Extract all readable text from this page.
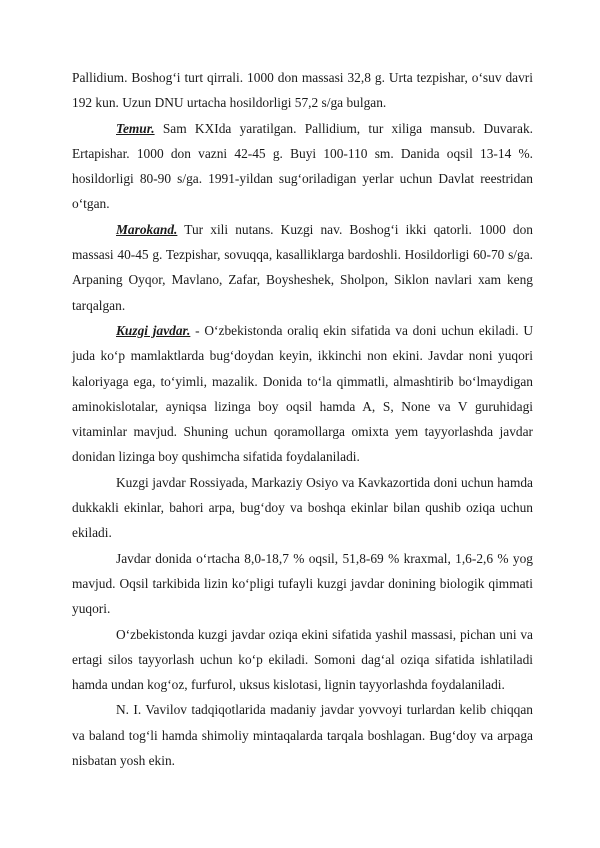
Pallidium. Boshog‘i turt qirrali. 1000 don massasi 32,8 g. Urta tezpishar, o‘suv davri 192 kun. Uzun DNU urtacha hosildorligi 57,2 s/ga bulgan.

Temur. Sam KXIda yaratilgan. Pallidium, tur xiliga mansub. Duvarak. Ertapishar. 1000 don vazni 42-45 g. Buyi 100-110 sm. Danida oqsil 13-14 %. hosildorligi 80-90 s/ga. 1991-yildan sug‘oriladigan yerlar uchun Davlat reestridan o‘tgan.

Marokand. Tur xili nutans. Kuzgi nav. Boshog‘i ikki qatorli. 1000 don massasi 40-45 g. Tezpishar, sovuqqa, kasalliklarga bardoshli. Hosildorligi 60-70 s/ga. Arpaning Oyqor, Mavlano, Zafar, Boysheshek, Sholpon, Siklon navlari xam keng tarqalgan.

Kuzgi javdar. - O‘zbekistonda oraliq ekin sifatida va doni uchun ekiladi. U juda ko‘p mamlaktlarda bug‘doydan keyin, ikkinchi non ekini. Javdar noni yuqori kaloriyaga ega, to‘yimli, mazalik. Donida to‘la qimmatli, almashtirib bo‘lmaydigan aminokislotalar, ayniqsa lizinga boy oqsil hamda A, S, None va V guruhidagi vitaminlar mavjud. Shuning uchun qoramollarga omixta yem tayyorlashda javdar donidan lizinga boy qushimcha sifatida foydalaniladi.

Kuzgi javdar Rossiyada, Markaziy Osiyo va Kavkazortida doni uchun hamda dukkakli ekinlar, bahori arpa, bug‘doy va boshqa ekinlar bilan qushib oziqa uchun ekiladi.

Javdar donida o‘rtacha 8,0-18,7 % oqsil, 51,8-69 % kraxmal, 1,6-2,6 % yog mavjud. Oqsil tarkibida lizin ko‘pligi tufayli kuzgi javdar donining biologik qimmati yuqori.

O‘zbekistonda kuzgi javdar oziqa ekini sifatida yashil massasi, pichan uni va ertagi silos tayyorlash uchun ko‘p ekiladi. Somoni dag‘al oziqa sifatida ishlatiladi hamda undan kog‘oz, furfurol, uksus kislotasi, lignin tayyorlashda foydalaniladi.

N. I. Vavilov tadqiqotlarida madaniy javdar yovvoyi turlardan kelib chiqqan va baland tog‘li hamda shimoliy mintaqalarda tarqala boshlagan. Bug‘doy va arpaga nisbatan yosh ekin.
